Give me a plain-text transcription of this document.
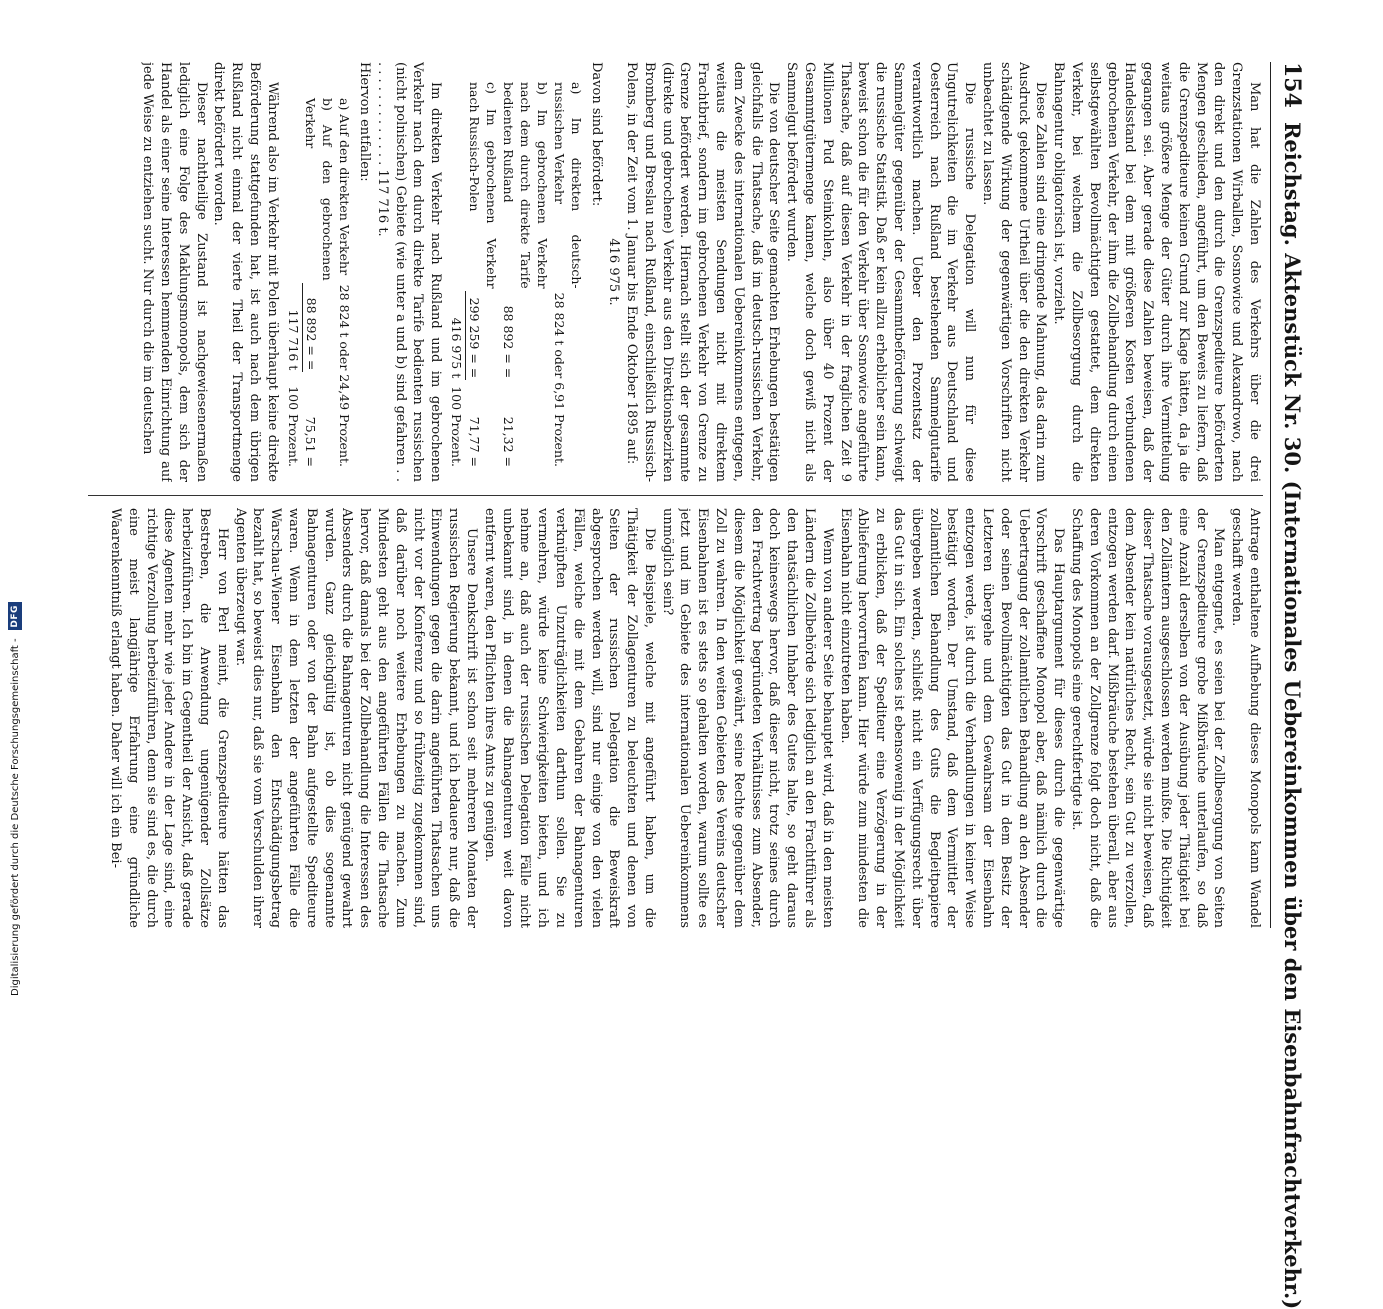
154
Reichstag. Aktenstück Nr. 30. (Internationales Uebereinkommen über den Eisenbahnfrachtverkehr.)

Man hat die Zahlen des Verkehrs über die drei Grenzstationen Wirballen, Sosnowice und Alexandrowo, nach den direkt und den durch die Grenzspediteure beförderten Mengen geschieden, angeführt, um den Beweis zu liefern, daß die Grenzspediteure keinen Grund zur Klage hätten, da ja die weitaus größere Menge der Güter durch ihre Vermittelung gegangen sei. Aber gerade diese Zahlen beweisen, daß der Handelsstand bei dem mit größeren Kosten verbundenen gebrochenen Verkehr, der ihm die Zollbehandlung durch einen selbstgewählten Bevollmächtigten gestattet, dem direkten Verkehr, bei welchem die Zollbesorgung durch die Bahnagentur obligatorisch ist, vorzieht.

Diese Zahlen sind eine dringende Mahnung, das darin zum Ausdruck gekommene Urtheil über die den direkten Verkehr schädigende Wirkung der gegenwärtigen Vorschriften nicht unbeachtet zu lassen.

Die russische Delegation will nun für diese Ungutrelichkeiten die im Verkehr aus Deutschland und Oesterreich nach Rußland bestehenden Sammelgutarife verantwortlich machen. Ueber den Prozentsatz der Sammelgüter gegenüber der Gesammtbeförderung schweigt die russische Statistik. Daß er kein allzu erheblicher sein kann, beweist schon die für den Verkehr über Sosnowice angeführte Thatsache, daß auf diesen Verkehr in der fraglichen Zeit 9 Millionen Pud Steinkohlen, also über 40 Prozent der Gesammtgütermenge kamen, welche doch gewiß nicht als Sammelgut befördert wurden.

Die von deutscher Seite gemachten Erhebungen bestätigen gleichfalls die Thatsache, daß im deutsch-russischen Verkehr, dem Zwecke des internationalen Uebereinkommens entgegen, weitaus die meisten Sendungen nicht mit direktem Frachtbrief, sondern im gebrochenen Verkehr von Grenze zu Grenze befördert werden. Hiernach stellt sich der gesammte (direkte und gebrochene) Verkehr aus den Direktionsbezirken Bromberg und Breslau nach Rußland, einschließlich Russisch-Polens, in der Zeit vom 1. Januar bis Ende Oktober 1895 auf:

416 975 t.

Davon sind befördert:

a) Im direkten deutsch-russischen Verkehr	28 824 t oder	6,91 Prozent.
b) Im gebrochenen Verkehr nach dem durch direkte Tarife bedienten Rußland	88 892 = =	21,32 =
c) Im gebrochenen Verkehr nach Russisch-Polen	299 259 = =	71,77 =
	416 975 t	100 Prozent.

Im direkten Verkehr nach Rußland und im gebrochenen Verkehr nach dem durch direkte Tarife bedienten russischen (nicht polnischen) Gebiete (wie unter a und b) sind gefahren . . . . . . . . . . . . . . . 117 716 t.

Hiervon entfallen:

a) Auf den direkten Verkehr	28 824 t oder	24,49 Prozent.
b) Auf den gebrochenen Verkehr	88 892 = =	75,51 =
	117 716 t	100 Prozent.

Während also im Verkehr mit Polen überhaupt keine direkte Beförderung stattgefunden hat, ist auch nach dem übrigen Rußland nicht einmal der vierte Theil der Transportmenge direkt befördert worden.

Dieser nachtheilige Zustand ist nachgewiesenermaßen lediglich eine Folge des Maklungsmonopols, dem sich der Handel als einer seine Interessen hemmenden Einrichtung auf jede Weise zu entziehen sucht. Nur durch die im deutschen

Antrage enthaltene Aufhebung dieses Monopols kann Wandel geschafft werden.

Man entgegnet, es seien bei der Zollbesorgung von Seiten der Grenzspediteure grobe Mißbräuche unterlaufen, so daß eine Anzahl derselben von der Ausübung jeder Thätigkeit bei den Zollämtern ausgeschlossen werden mußte. Die Richtigkeit dieser Thatsache vorausgesetzt, würde sie nicht beweisen, daß dem Absender kein natürliches Recht, sein Gut zu verzollen, entzogen werden darf. Mißbräuche bestehen überall, aber aus deren Vorkommen an der Zollgrenze folgt doch nicht, daß die Schaffung des Monopols eine gerechtfertigte ist.

Das Hauptargument für dieses durch die gegenwärtige Vorschrift geschaffene Monopol aber, daß nämlich durch die Uebertragung der zollamtlichen Behandlung an den Absender oder seinen Bevollmächtigten das Gut in dem Besitz der Letzteren übergehe und dem Gewahrsam der Eisenbahn entzogen werde, ist durch die Verhandlungen in keiner Weise bestätigt worden. Der Umstand, daß dem Vermittler der zollamtlichen Behandlung des Guts die Begleitpapiere übergeben werden, schließt nicht ein Verfügungsrecht über das Gut in sich. Ein solches ist ebensowenig in der Möglichkeit zu erblicken, daß der Spediteur eine Verzögerung in der Ablieferung hervorrufen kann. Hier würde zum mindesten die Eisenbahn nicht einzutreten haben.

Wenn von anderer Seite behauptet wird, daß in den meisten Ländern die Zollbehörde sich lediglich an den Frachtführer als den thatsächlichen Inhaber des Gutes halte, so geht daraus doch keineswegs hervor, daß dieser nicht, trotz seines durch den Frachtvertrag begründeten Verhältnisses zum Absender, diesem die Möglichkeit gewährt, seine Rechte gegenüber dem Zoll zu wahren. In den weiten Gebieten des Vereins deutscher Eisenbahnen ist es stets so gehalten worden, warum sollte es jetzt und im Gebiete des internationalen Uebereinkommens unmöglich sein?

Die Beispiele, welche mit angeführt haben, um die Thätigkeit der Zollagenturen zu beleuchten und denen von Seiten der russischen Delegation die Beweiskraft abgesprochen werden will, sind nur einige von den vielen Fällen, welche die mit dem Gebahren der Bahnagenturen verknüpften Unzuträglichkeiten darthun sollen. Sie zu vermehren, würde keine Schwierigkeiten bieten, und ich nehme an, daß auch der russischen Delegation Fälle nicht unbekannt sind, in denen die Bahnagenturen weit davon entfernt waren, den Pflichten ihres Amts zu genügen.

Unsere Denkschrift ist schon seit mehreren Monaten der russischen Regierung bekannt, und ich bedauere nur, daß die Einwendungen gegen die darin angeführten Thatsachen uns nicht vor der Konferenz und so frühzeitig zugekommen sind, daß darüber noch weitere Erhebungen zu machen. Zum Mindesten geht aus den angeführten Fällen die Thatsache hervor, daß damals bei der Zollbehandlung die Interessen des Absenders durch die Bahnagenturen nicht genügend gewahrt wurden. Ganz gleichgültig ist, ob dies sogenannte Bahnagenturen oder von der Bahn aufgestellte Spediteure waren. Wenn in dem letzten der angeführten Fälle die Warschau-Wiener Eisenbahn den Entschädigungsbetrag bezahlt hat, so beweist dies nur, daß sie vom Verschulden ihrer Agenten überzeugt war.

Herr von Perl meint, die Grenzspediteure hätten das Bestreben, die Anwendung ungenügender Zollsätze herbeizuführen. Ich bin im Gegentheil der Ansicht, daß gerade diese Agenten mehr wie jeder Andere in der Lage sind, eine richtige Verzollung herbeizuführen, denn sie sind es, die durch eine meist langjährige Erfahrung eine gründliche Waarenkenntniß erlangt haben. Daher will ich ein Bei-

Digitalisierung gefördert durch die Deutsche Forschungsgemeinschaft -
DFG
